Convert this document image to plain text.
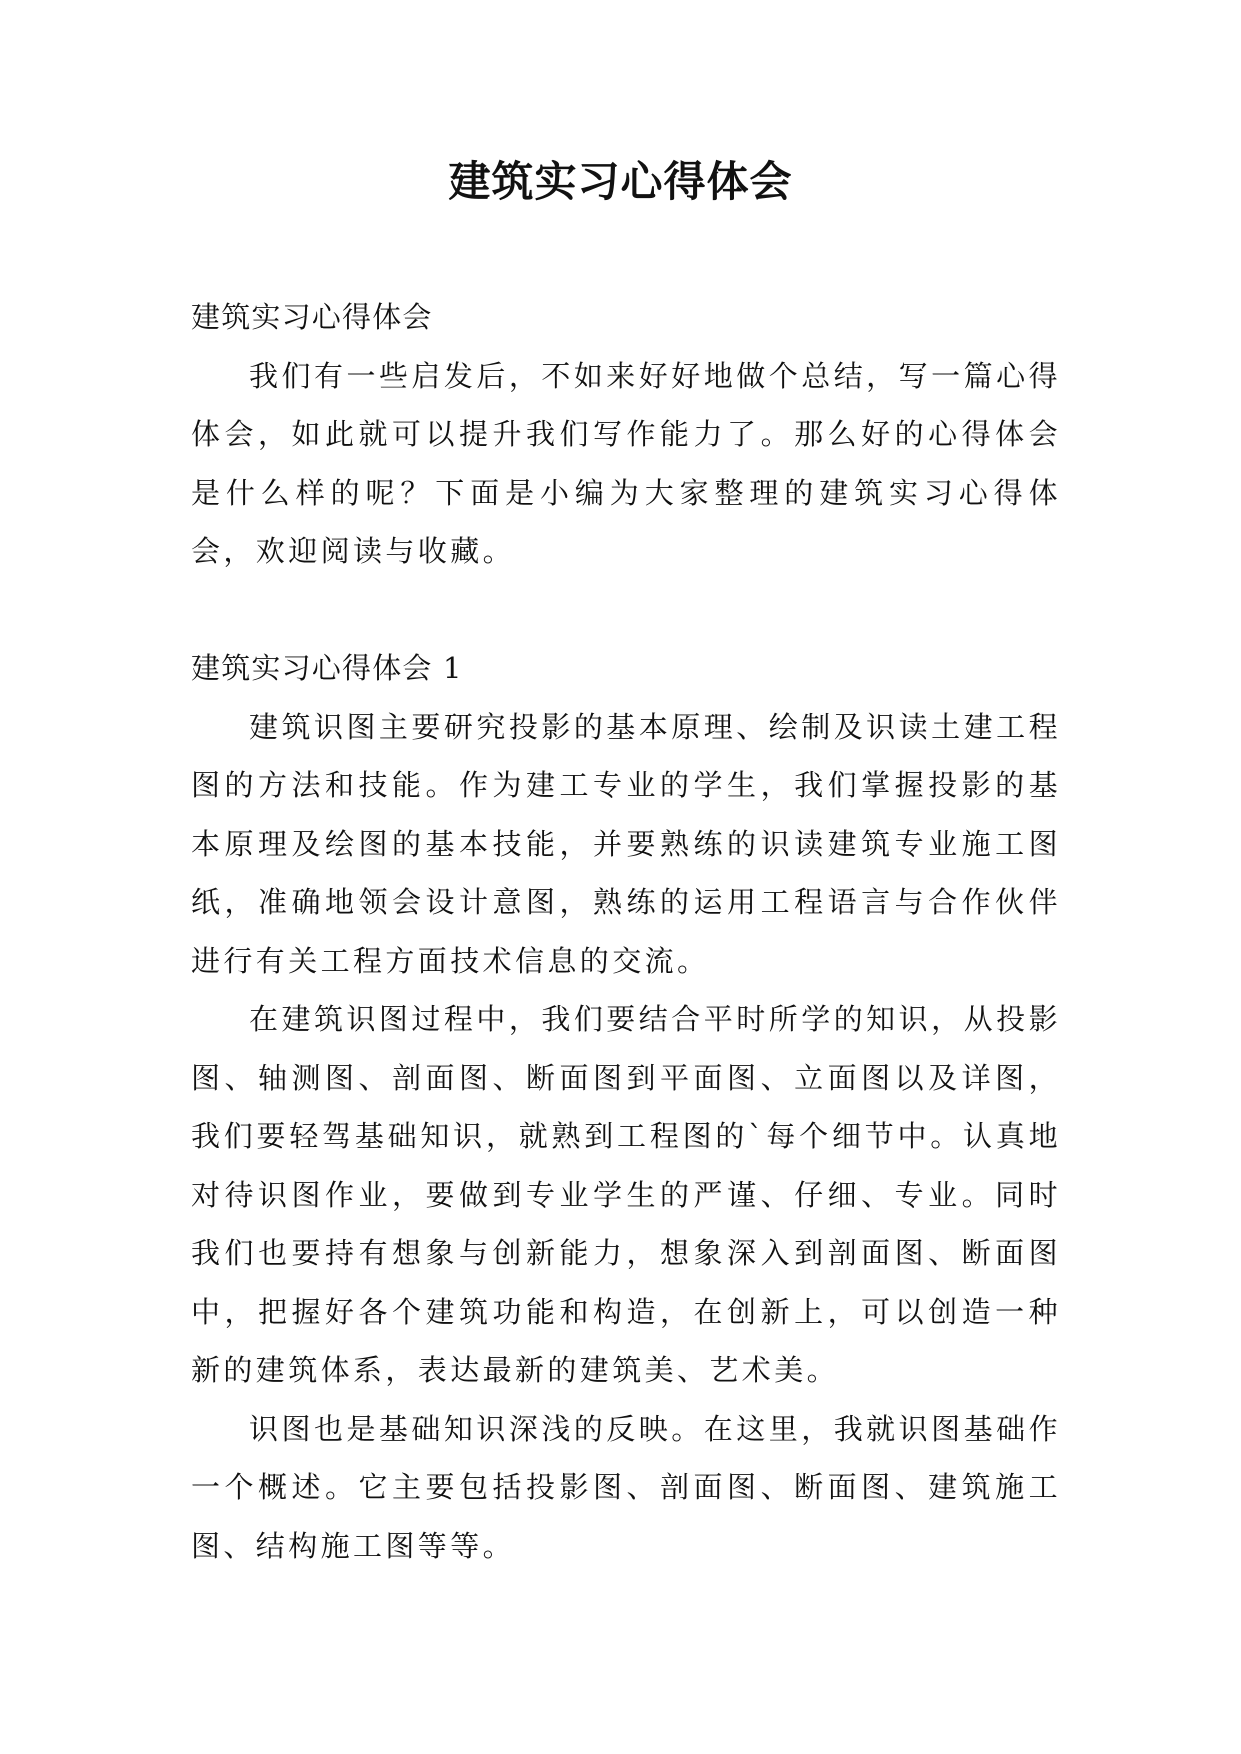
建筑实习心得体会
建筑实习心得体会

我们有一些启发后，不如来好好地做个总结，写一篇心得体会，如此就可以提升我们写作能力了。那么好的心得体会是什么样的呢？下面是小编为大家整理的建筑实习心得体会，欢迎阅读与收藏。

建筑实习心得体会 1

建筑识图主要研究投影的基本原理、绘制及识读土建工程图的方法和技能。作为建工专业的学生，我们掌握投影的基本原理及绘图的基本技能，并要熟练的识读建筑专业施工图纸，准确地领会设计意图，熟练的运用工程语言与合作伙伴进行有关工程方面技术信息的交流。

在建筑识图过程中，我们要结合平时所学的知识，从投影图、轴测图、剖面图、断面图到平面图、立面图以及详图，我们要轻驾基础知识，就熟到工程图的`每个细节中。认真地对待识图作业，要做到专业学生的严谨、仔细、专业。同时我们也要持有想象与创新能力，想象深入到剖面图、断面图中，把握好各个建筑功能和构造，在创新上，可以创造一种新的建筑体系，表达最新的建筑美、艺术美。

识图也是基础知识深浅的反映。在这里，我就识图基础作一个概述。它主要包括投影图、剖面图、断面图、建筑施工图、结构施工图等等。
